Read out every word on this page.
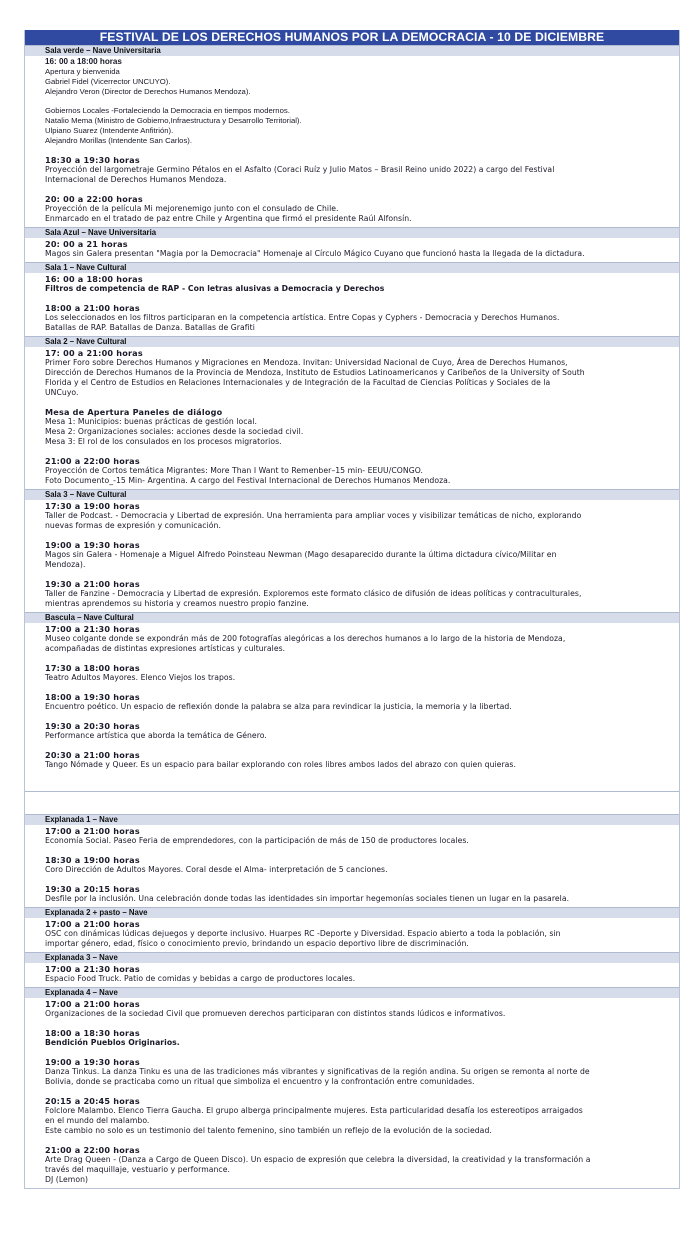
FESTIVAL DE LOS DERECHOS HUMANOS POR LA DEMOCRACIA - 10 DE DICIEMBRE
Sala verde – Nave Universitaria
16: 00 a 18:00 horas
Apertura y bienvenida
Gabriel Fidel (Vicerrector UNCUYO).
Alejandro Veron (Director de Derechos Humanos Mendoza).
Gobiernos Locales -Fortaleciendo la Democracia en tiempos modernos.
Natalio Mema (Ministro de Gobierno,Infraestructura y Desarrollo Territorial).
Ulpiano Suarez (Intendente Anfitrión).
Alejandro Morillas (Intendente San Carlos).
18:30 a 19:30 horas
Proyección del largometraje Germino Pétalos en el Asfalto (Coraci Ruíz y Julio Matos – Brasil Reino unido 2022) a cargo del Festival
Internacional de Derechos Humanos Mendoza.
20: 00 a 22:00 horas
Proyección de la película Mi mejorenemigo junto con el consulado de Chile.
Enmarcado en el tratado de paz entre Chile y Argentina que firmó el presidente Raúl Alfonsín.
Sala Azul – Nave Universitaria
20: 00 a 21 horas
Magos sin Galera presentan "Magia por la Democracia" Homenaje al Círculo Mágico Cuyano que funcionó hasta la llegada de la dictadura.
Sala 1 – Nave Cultural
16: 00 a 18:00 horas
Filtros de competencia de RAP - Con letras alusivas a Democracia y Derechos
18:00 a 21:00 horas
Los seleccionados en los filtros participaran en la competencia artística. Entre Copas y Cyphers - Democracia y Derechos Humanos.
Batallas de RAP. Batallas de Danza. Batallas de Grafiti
Sala 2 – Nave Cultural
17: 00 a 21:00 horas
Primer Foro sobre Derechos Humanos y Migraciones en Mendoza. Invitan: Universidad Nacional de Cuyo, Área de Derechos Humanos,
Dirección de Derechos Humanos de la Provincia de Mendoza, Instituto de Estudios Latinoamericanos y Caribeños de la University of South
Florida y el Centro de Estudios en Relaciones Internacionales y de Integración de la Facultad de Ciencias Políticas y Sociales de la
UNCuyo.
Mesa de Apertura Paneles de diálogo
Mesa 1: Municipios: buenas prácticas de gestión local.
Mesa 2: Organizaciones sociales: acciones desde la sociedad civil.
Mesa 3: El rol de los consulados en los procesos migratorios.
21:00 a 22:00 horas
Proyección de Cortos temática Migrantes: More Than I Want to Remenber–15 min- EEUU/CONGO.
Foto Documento_-15 Min- Argentina. A cargo del Festival Internacional de Derechos Humanos Mendoza.
Sala 3 – Nave Cultural
17:30 a 19:00 horas
Taller de Podcast. - Democracia y Libertad de expresión. Una herramienta para ampliar voces y visibilizar temáticas de nicho, explorando
nuevas formas de expresión y comunicación.
19:00 a 19:30 horas
Magos sin Galera - Homenaje a Miguel Alfredo Poinsteau Newman (Mago desaparecido durante la última dictadura cívico/Militar en
Mendoza).
19:30 a 21:00 horas
Taller de Fanzine - Democracia y Libertad de expresión. Exploremos este formato clásico de difusión de ideas políticas y contraculturales,
mientras aprendemos su historia y creamos nuestro propio fanzine.
Bascula – Nave Cultural
17:00 a 21:30 horas
Museo colgante donde se expondrán más de 200 fotografías alegóricas a los derechos humanos a lo largo de la historia de Mendoza,
acompañadas de distintas expresiones artísticas y culturales.
17:30 a 18:00 horas
Teatro Adultos Mayores. Elenco Viejos los trapos.
18:00 a 19:30 horas
Encuentro poético. Un espacio de reflexión donde la palabra se alza para revindicar la justicia, la memoria y la libertad.
19:30 a 20:30 horas
Performance artística que aborda la temática de Género.
20:30 a 21:00 horas
Tango Nómade y Queer. Es un espacio para bailar explorando con roles libres ambos lados del abrazo con quien quieras.
Explanada 1 – Nave
17:00 a 21:00 horas
Economía Social. Paseo Feria de emprendedores, con la participación de más de 150 de productores locales.
18:30 a 19:00 horas
Coro Dirección de Adultos Mayores. Coral desde el Alma- interpretación de 5 canciones.
19:30 a 20:15 horas
Desfile por la inclusión. Una celebración donde todas las identidades sin importar hegemonías sociales tienen un lugar en la pasarela.
Explanada 2 + pasto – Nave
17:00 a 21:00 horas
OSC con dinámicas lúdicas dejuegos y deporte inclusivo. Huarpes RC -Deporte y Diversidad. Espacio abierto a toda la población, sin
importar género, edad, físico o conocimiento previo, brindando un espacio deportivo libre de discriminación.
Explanada 3 – Nave
17:00 a 21:30 horas
Espacio Food Truck. Patio de comidas y bebidas a cargo de productores locales.
Explanada 4 – Nave
17:00 a 21:00 horas
Organizaciones de la sociedad Civil que promueven derechos participaran con distintos stands lúdicos e informativos.
18:00 a 18:30 horas
Bendición Pueblos Originarios.
19:00 a 19:30 horas
Danza Tinkus. La danza Tinku es una de las tradiciones más vibrantes y significativas de la región andina. Su origen se remonta al norte de
Bolivia, donde se practicaba como un ritual que simboliza el encuentro y la confrontación entre comunidades.
20:15 a 20:45 horas
Folclore Malambo. Elenco Tierra Gaucha. El grupo alberga principalmente mujeres. Esta particularidad desafía los estereotipos arraigados
en el mundo del malambo.
Este cambio no solo es un testimonio del talento femenino, sino también un reflejo de la evolución de la sociedad.
21:00 a 22:00 horas
Arte Drag Queen - (Danza a Cargo de Queen Disco). Un espacio de expresión que celebra la diversidad, la creatividad y la transformación a
través del maquillaje, vestuario y performance.
DJ (Lemon)
